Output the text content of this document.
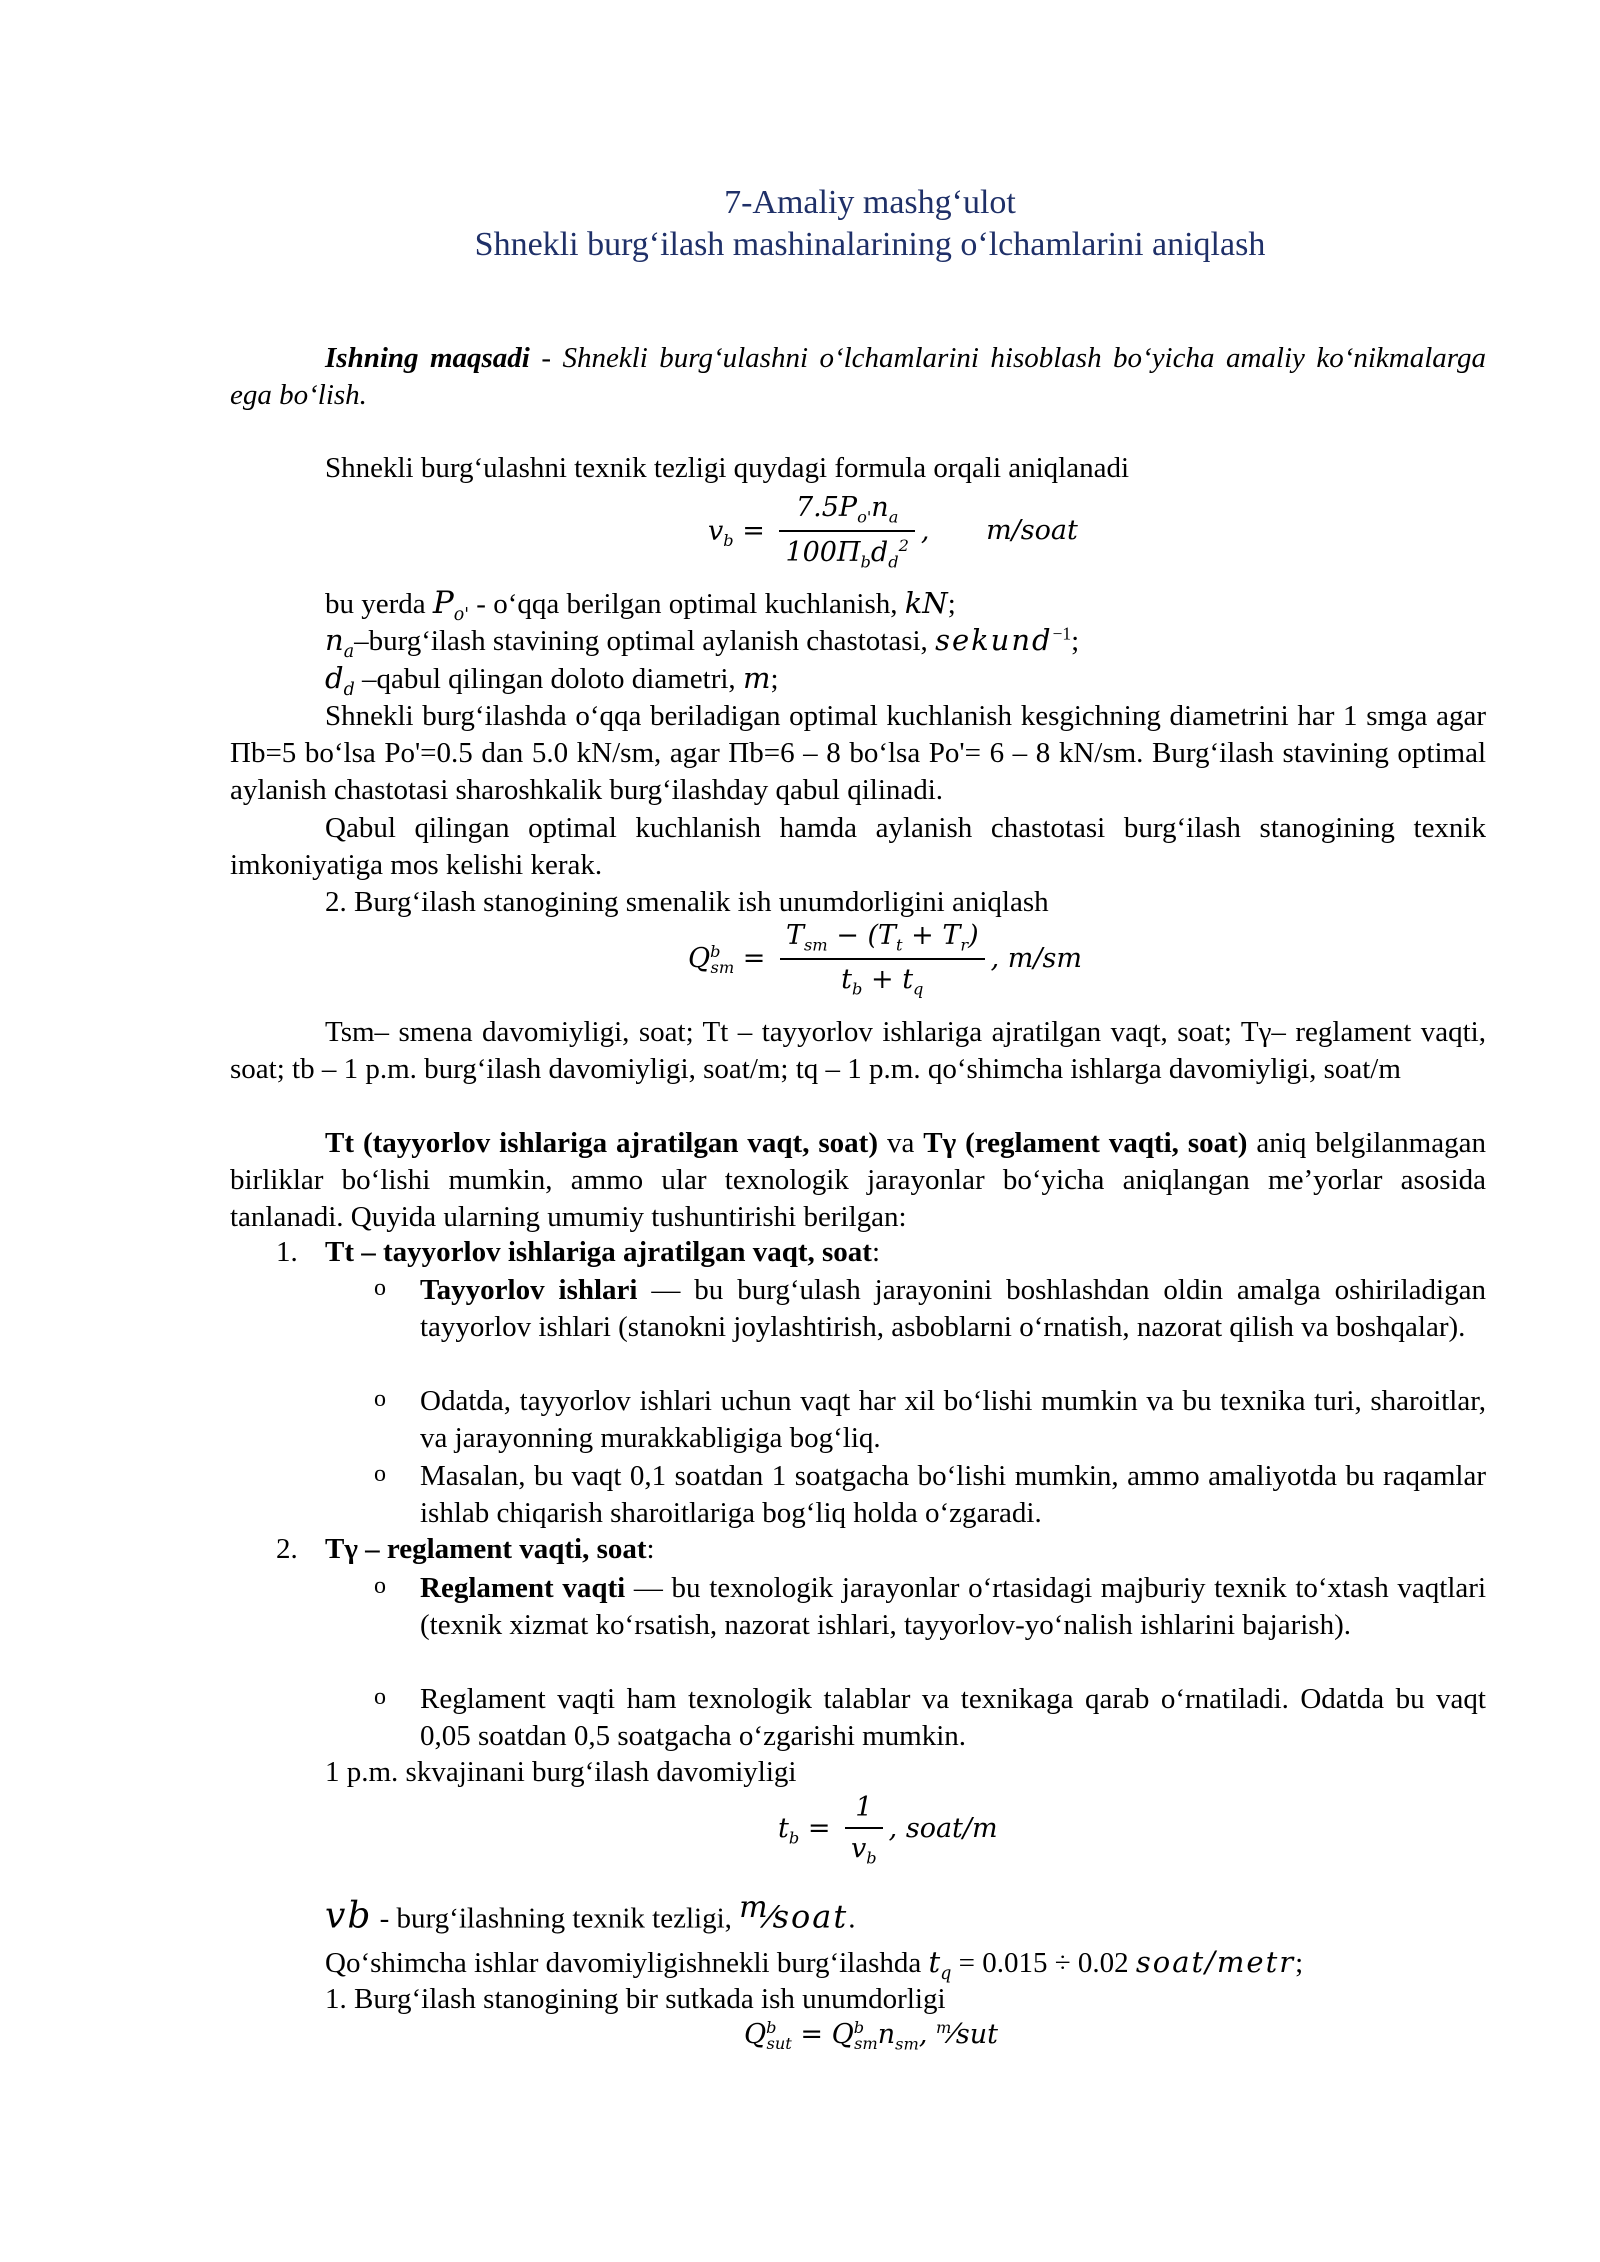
7-Amaliy mashg‘ulot
Shnekli burg‘ilash mashinalarining o‘lchamlarini aniqlash
Ishning maqsadi - Shnekli burg‘ulashni o‘lchamlarini hisoblash bo‘yicha amaliy ko‘nikmalarga ega bo‘lish.
Shnekli burg‘ulashni texnik tezligi quydagi formula orqali aniqlanadi
$v_b = \frac{7.5P_{o'}n_a}{100\Pi_bd_d^2}$ , m/soat
bu yerda $P_{o'}$ - o‘qqa berilgan optimal kuchlanish, kN;
$n_a-burg‘ilash$ stavining optimal aylanish chastotasi, sekund$^{-1}$;
$d_d$ –qabul qilingan doloto diametri, m;
Shnekli burg‘ilashda o‘qqa beriladigan optimal kuchlanish kesgichning diametrini har 1 smga agar Пb=5 bo‘lsa Po'=0.5 dan 5.0 kN/sm, agar Пb=6 – 8 bo‘lsa Po'= 6 – 8 kN/sm. Burg‘ilash stavining optimal aylanish chastotasi sharoshkalik burg‘ilashday qabul qilinadi.
Qabul qilingan optimal kuchlanish hamda aylanish chastotasi burg‘ilash stanogining texnik imkoniyatiga mos kelishi kerak.
2. Burg‘ilash stanogining smenalik ish unumdorligini aniqlash
$Q^b_{sm} = \frac{T_{sm} - (T_t + T_r)}{t_b + t_q}$ , m/sm
Tsm– smena davomiyligi, soat; Tt – tayyorlov ishlariga ajratilgan vaqt, soat; Tγ– reglament vaqti, soat; tb – 1 p.m. burg‘ilash davomiyligi, soat/m; tq – 1 p.m. qo‘shimcha ishlarga davomiyligi, soat/m
Tt (tayyorlov ishlariga ajratilgan vaqt, soat) va Tγ (reglament vaqti, soat) aniq belgilanmagan birliklar bo‘lishi mumkin, ammo ular texnologik jarayonlar bo‘yicha aniqlangan me’yorlar asosida tanlanadi. Quyida ularning umumiy tushuntirishi berilgan:
1. Tt – tayyorlov ishlariga ajratilgan vaqt, soat:
o Tayyorlov ishlari — bu burg‘ulash jarayonini boshlashdan oldin amalga oshiriladigan tayyorlov ishlari (stanokni joylashtirish, asboblarni o‘rnatish, nazorat qilish va boshqalar).
o Odatda, tayyorlov ishlari uchun vaqt har xil bo‘lishi mumkin va bu texnika turi, sharoitlar, va jarayonning murakkabligiga bog‘liq.
o Masalan, bu vaqt 0,1 soatdan 1 soatgacha bo‘lishi mumkin, ammo amaliyotda bu raqamlar ishlab chiqarish sharoitlariga bog‘liq holda o‘zgaradi.
2. Tγ – reglament vaqti, soat:
o Reglament vaqti — bu texnologik jarayonlar o‘rtasidagi majburiy texnik to‘xtash vaqtlari (texnik xizmat ko‘rsatish, nazorat ishlari, tayyorlov-yo‘nalish ishlarini bajarish).
o Reglament vaqti ham texnologik talablar va texnikaga qarab o‘rnatiladi. Odatda bu vaqt 0,05 soatdan 0,5 soatgacha o‘zgarishi mumkin.
1 p.m. skvajinani burg‘ilash davomiyligi
$t_b = \frac{1}{v_b}$ , soat/m
vb - burg‘ilashning texnik tezligi, $^m$⁄soat.
Qo‘shimcha ishlar davomiyligishnekli burg‘ilashda $t_q = 0.015 \div 0.02$ soat/metr;
1. Burg‘ilash stanogining bir sutkada ish unumdorligi
$Q^b_{sut} = Q^b_{sm}n_{sm}$, $^m$⁄sut
